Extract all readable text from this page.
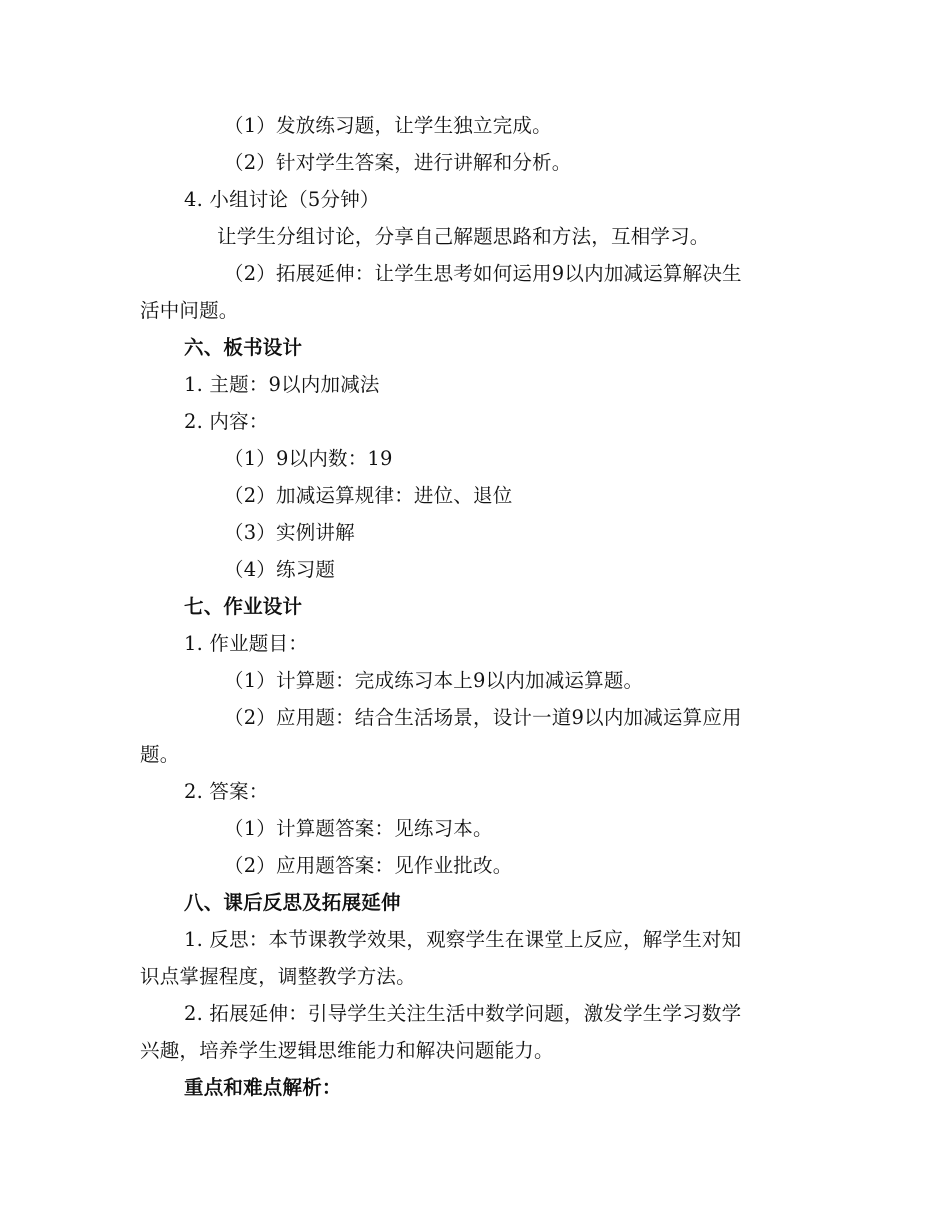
（1）发放练习题，让学生独立完成。
（2）针对学生答案，进行讲解和分析。
4. 小组讨论（5分钟）
让学生分组讨论，分享自己解题思路和方法，互相学习。
（2）拓展延伸：让学生思考如何运用9以内加减运算解决生
活中问题。
六、板书设计
1. 主题：9以内加减法
2. 内容：
（1）9以内数：19
（2）加减运算规律：进位、退位
（3）实例讲解
（4）练习题
七、作业设计
1. 作业题目：
（1）计算题：完成练习本上9以内加减运算题。
（2）应用题：结合生活场景，设计一道9以内加减运算应用
题。
2. 答案：
（1）计算题答案：见练习本。
（2）应用题答案：见作业批改。
八、课后反思及拓展延伸
1. 反思：本节课教学效果，观察学生在课堂上反应，解学生对知
识点掌握程度，调整教学方法。
2. 拓展延伸：引导学生关注生活中数学问题，激发学生学习数学
兴趣，培养学生逻辑思维能力和解决问题能力。
重点和难点解析：
